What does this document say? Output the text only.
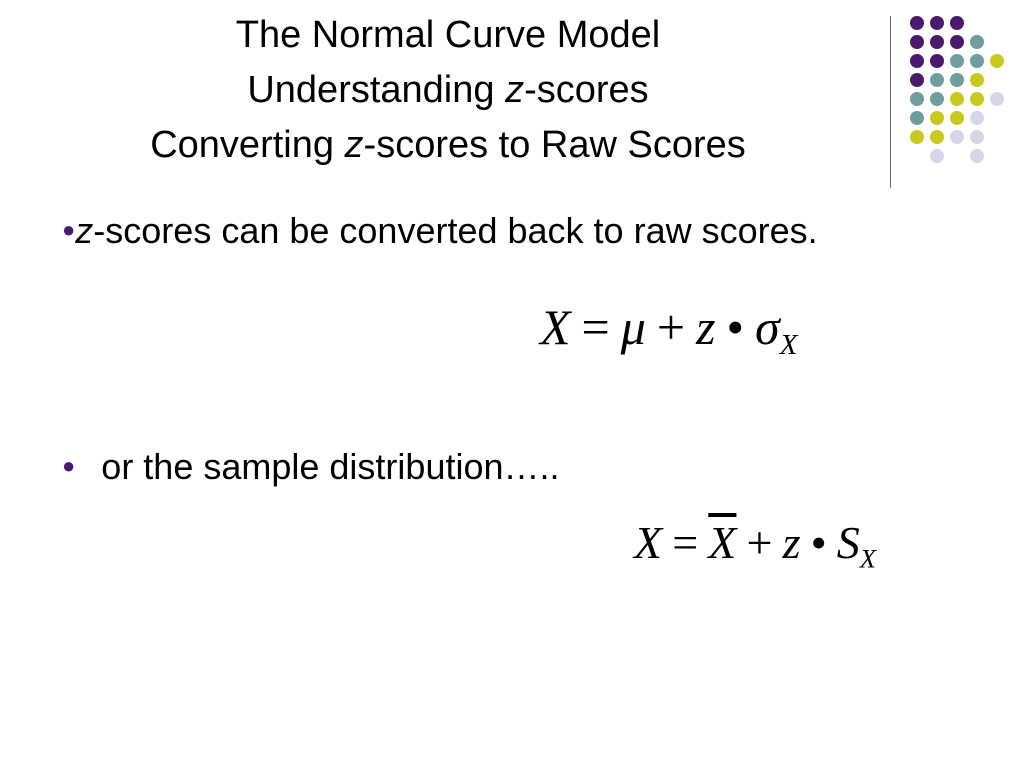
The Normal Curve Model
Understanding z-scores
Converting z-scores to Raw Scores
●z-scores can be converted back to raw scores.
X = μ + z • $\sigma_X$
● or the sample distribution…..
$X = \overline{X} + z$ • $S_X$
